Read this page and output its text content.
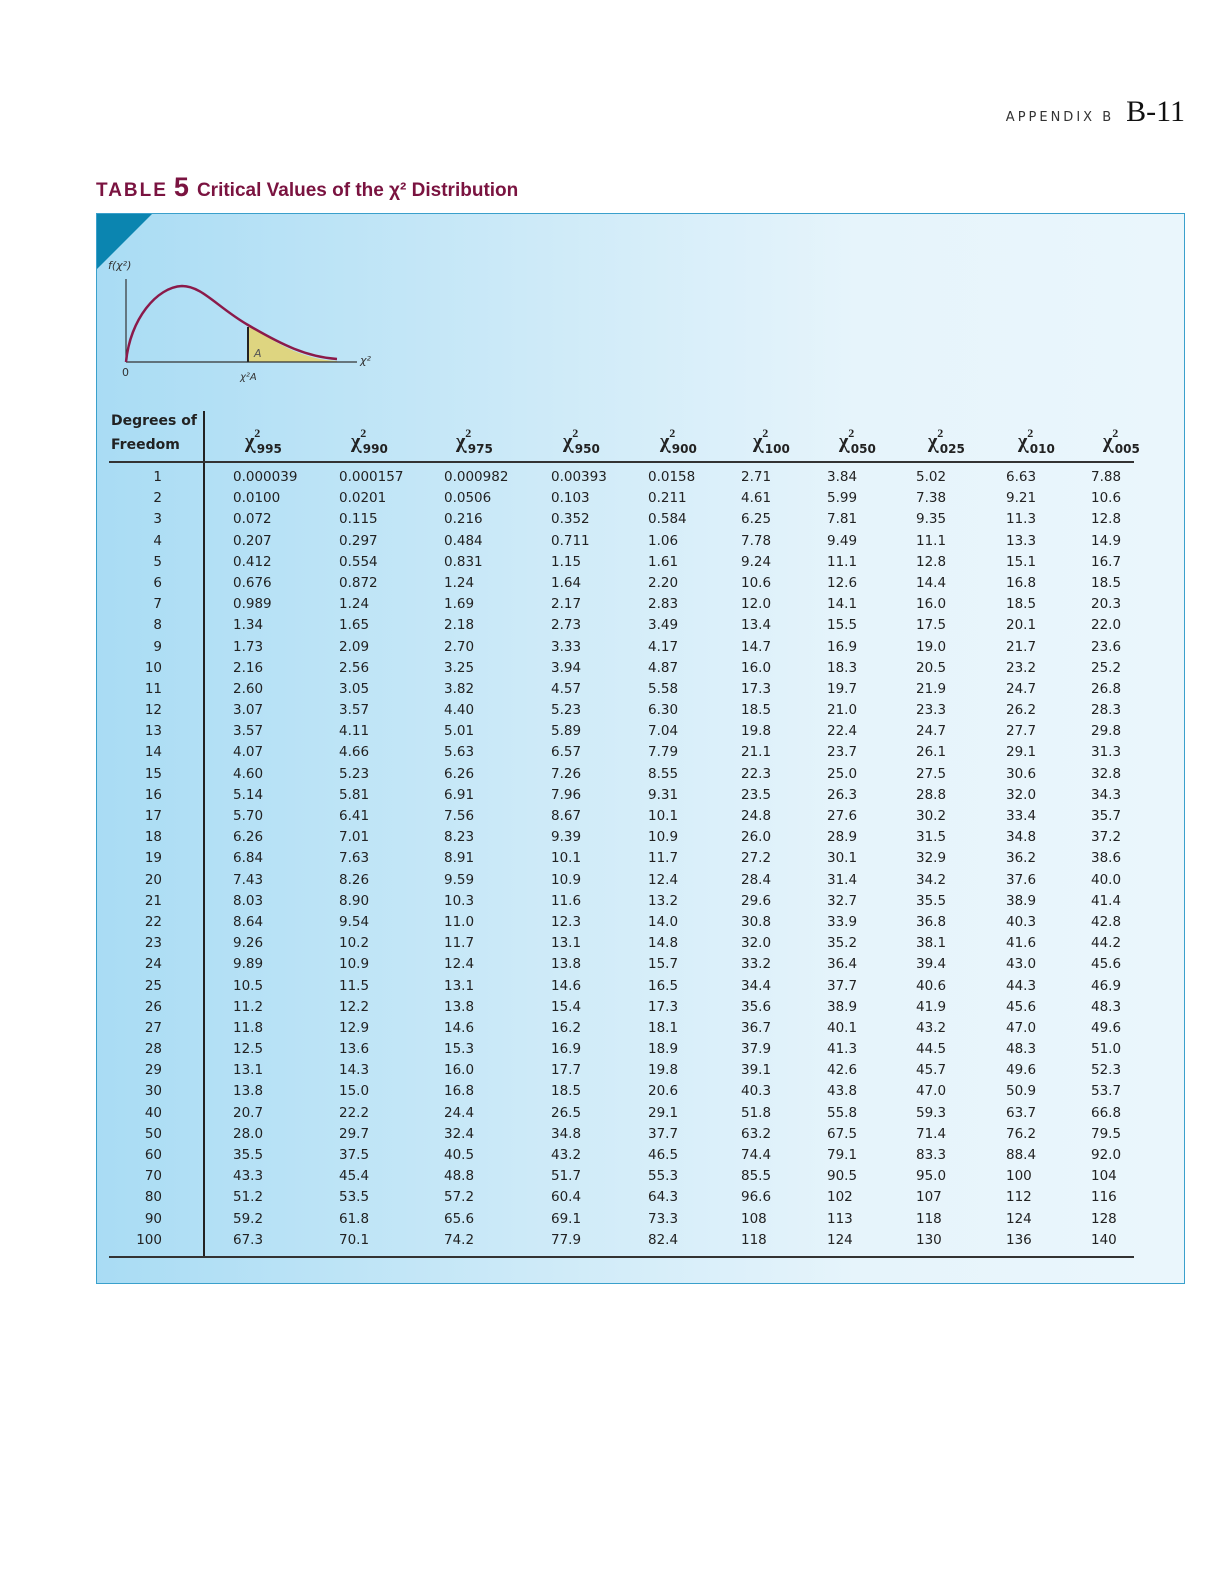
APPENDIX B B-11
TABLE 5 Critical Values of the χ² Distribution
f(χ²)
χ²
0	χ²A
A
Degrees of
Freedom	$\chi^2_{.995}$	$\chi^2_{.990}$	$\chi^2_{.975}$	$\chi^2_{.950}$	$\chi^2_{.900}$	$\chi^2_{.100}$ $\chi^2_{.050}$	$\chi^2_{.025}$	$\chi^2_{.010}$ $\chi^2_{.005}$
1	0.000039	0.000157	0.000982	0.00393	0.0158	2.71	3.84	5.02	6.63	7.88
2	0.0100	0.0201	0.0506	0.103	0.211	4.61	5.99	7.38	9.21	10.6
3	0.072	0.115	0.216	0.352	0.584	6.25	7.81	9.35	11.3	12.8
4	0.207	0.297	0.484	0.711	1.06	7.78	9.49	11.1	13.3	14.9
5	0.412	0.554	0.831	1.15	1.61	9.24	11.1	12.8	15.1	16.7
6	0.676	0.872	1.24	1.64	2.20	10.6	12.6	14.4	16.8	18.5
7	0.989	1.24	1.69	2.17	2.83	12.0	14.1	16.0	18.5	20.3
8	1.34	1.65	2.18	2.73	3.49	13.4	15.5	17.5	20.1	22.0
9	1.73	2.09	2.70	3.33	4.17	14.7	16.9	19.0	21.7	23.6
10	2.16	2.56	3.25	3.94	4.87	16.0	18.3	20.5	23.2	25.2
11	2.60	3.05	3.82	4.57	5.58	17.3	19.7	21.9	24.7	26.8
12	3.07	3.57	4.40	5.23	6.30	18.5	21.0	23.3	26.2	28.3
13	3.57	4.11	5.01	5.89	7.04	19.8	22.4	24.7	27.7	29.8
14	4.07	4.66	5.63	6.57	7.79	21.1	23.7	26.1	29.1	31.3
15	4.60	5.23	6.26	7.26	8.55	22.3	25.0	27.5	30.6	32.8
16	5.14	5.81	6.91	7.96	9.31	23.5	26.3	28.8	32.0	34.3
17	5.70	6.41	7.56	8.67	10.1	24.8	27.6	30.2	33.4	35.7
18	6.26	7.01	8.23	9.39	10.9	26.0	28.9	31.5	34.8	37.2
19	6.84	7.63	8.91	10.1	11.7	27.2	30.1	32.9	36.2	38.6
20	7.43	8.26	9.59	10.9	12.4	28.4	31.4	34.2	37.6	40.0
21	8.03	8.90	10.3	11.6	13.2	29.6	32.7	35.5	38.9	41.4
22	8.64	9.54	11.0	12.3	14.0	30.8	33.9	36.8	40.3	42.8
23	9.26	10.2	11.7	13.1	14.8	32.0	35.2	38.1	41.6	44.2
24	9.89	10.9	12.4	13.8	15.7	33.2	36.4	39.4	43.0	45.6
25	10.5	11.5	13.1	14.6	16.5	34.4	37.7	40.6	44.3	46.9
26	11.2	12.2	13.8	15.4	17.3	35.6	38.9	41.9	45.6	48.3
27	11.8	12.9	14.6	16.2	18.1	36.7	40.1	43.2	47.0	49.6
28	12.5	13.6	15.3	16.9	18.9	37.9	41.3	44.5	48.3	51.0
29	13.1	14.3	16.0	17.7	19.8	39.1	42.6	45.7	49.6	52.3
30	13.8	15.0	16.8	18.5	20.6	40.3	43.8	47.0	50.9	53.7
40	20.7	22.2	24.4	26.5	29.1	51.8	55.8	59.3	63.7	66.8
50	28.0	29.7	32.4	34.8	37.7	63.2	67.5	71.4	76.2	79.5
60	35.5	37.5	40.5	43.2	46.5	74.4	79.1	83.3	88.4	92.0
70	43.3	45.4	48.8	51.7	55.3	85.5	90.5	95.0	100	104
80	51.2	53.5	57.2	60.4	64.3	96.6	102	107	112	116
90	59.2	61.8	65.6	69.1	73.3	108	113	118	124	128
100	67.3	70.1	74.2	77.9	82.4	118	124	130	136	140
